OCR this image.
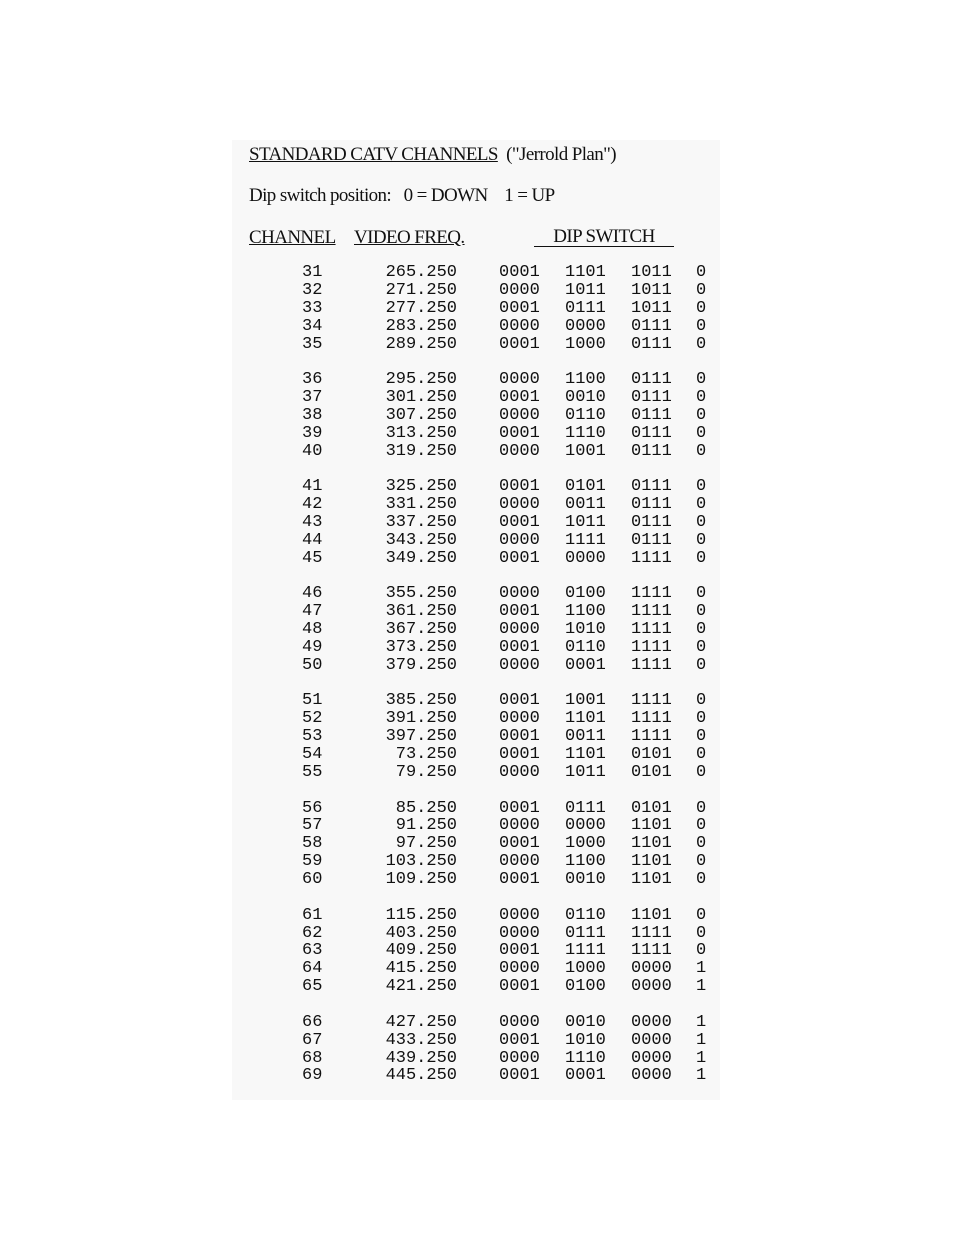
STANDARD CATV CHANNELS ("Jerrold Plan")
Dip switch position: 0 = DOWN 1 = UP
CHANNEL VIDEO FREQ.	DIP SWITCH
31	265.250 0001 1101 1011 0
32	271.250 0000 1011 1011 0
33	277.250 0001 0111 1011 0
34	283.250 0000 0000 0111 0
35	289.250 0001 1000 0111 0
36	295.250 0000 1100 0111 0
37	301.250 0001 0010 0111 0
38	307.250 0000 0110 0111 0
39	313.250 0001 1110 0111 0
40	319.250 0000 1001 0111 0
41	325.250 0001 0101 0111 0
42	331.250 0000 0011 0111 0
43	337.250 0001 1011 0111 0
44	343.250 0000 1111 0111 0
45	349.250 0001 0000 1111 0
46	355.250 0000 0100 1111 0
47	361.250 0001 1100 1111 0
48	367.250 0000 1010 1111 0
49	373.250 0001 0110 1111 0
50	379.250 0000 0001 1111 0
51	385.250 0001 1001 1111 0
52	391.250 0000 1101 1111 0
53	397.250 0001 0011 1111 0
54	73.250 0001 1101 0101 0
55	79.250 0000 1011 0101 0
56	85.250 0001 0111 0101 0
57	91.250 0000 0000 1101 0
58	97.250 0001 1000 1101 0
59	103.250 0000 1100 1101 0
60	109.250 0001 0010 1101 0
61	115.250 0000 0110 1101 0
62	403.250 0000 0111 1111 0
63	409.250 0001 1111 1111 0
64	415.250 0000 1000 0000 1
65	421.250 0001 0100 0000 1
66	427.250 0000 0010 0000 1
67	433.250 0001 1010 0000 1
68	439.250 0000 1110 0000 1
69	445.250 0001 0001 0000 1
